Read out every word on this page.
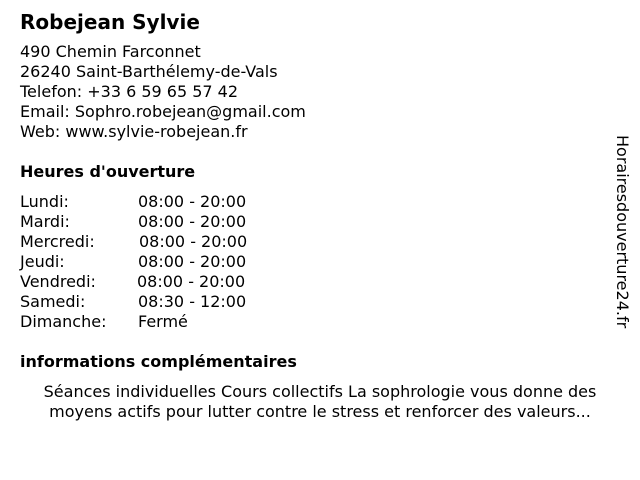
Robejean Sylvie
490 Chemin Farconnet
26240 Saint-Barthélemy-de-Vals
Telefon: +33 6 59 65 57 42
Email: Sophro.robejean@gmail.com
Web: www.sylvie-robejean.fr
Heures d'ouverture
Lundi:	08:00 - 20:00
Mardi:	08:00 - 20:00
Mercredi:	08:00 - 20:00
Jeudi:	08:00 - 20:00
Vendredi:	08:00 - 20:00
Samedi:	08:30 - 12:00
Dimanche:	Fermé
informations complémentaires
Séances individuelles Cours collectifs La sophrologie vous donne des
moyens actifs pour lutter contre le stress et renforcer des valeurs...
Horairesdouverture24.fr
